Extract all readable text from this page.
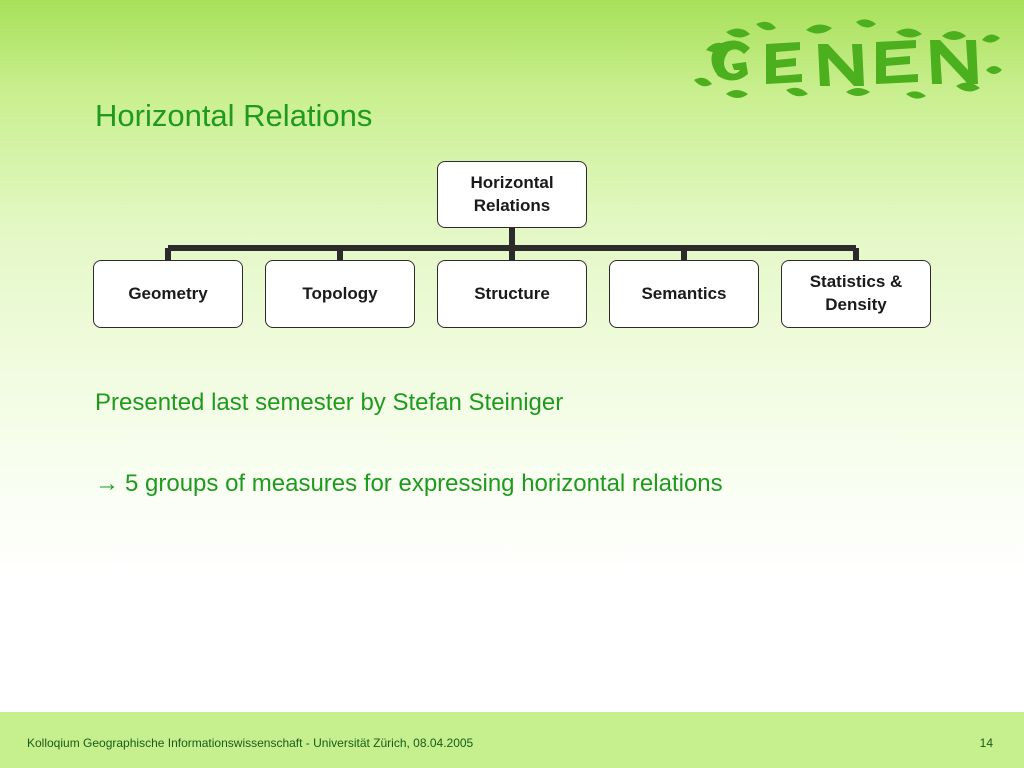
Horizontal Relations
Horizontal Relations
Geometry	Topology	Structure	Semantics
Statistics & Density
Presented last semester by Stefan Steiniger
→ 5 groups of measures for expressing horizontal relations
Kolloqium Geographische Informationswissenschaft - Universität Zürich, 08.04.2005	14
